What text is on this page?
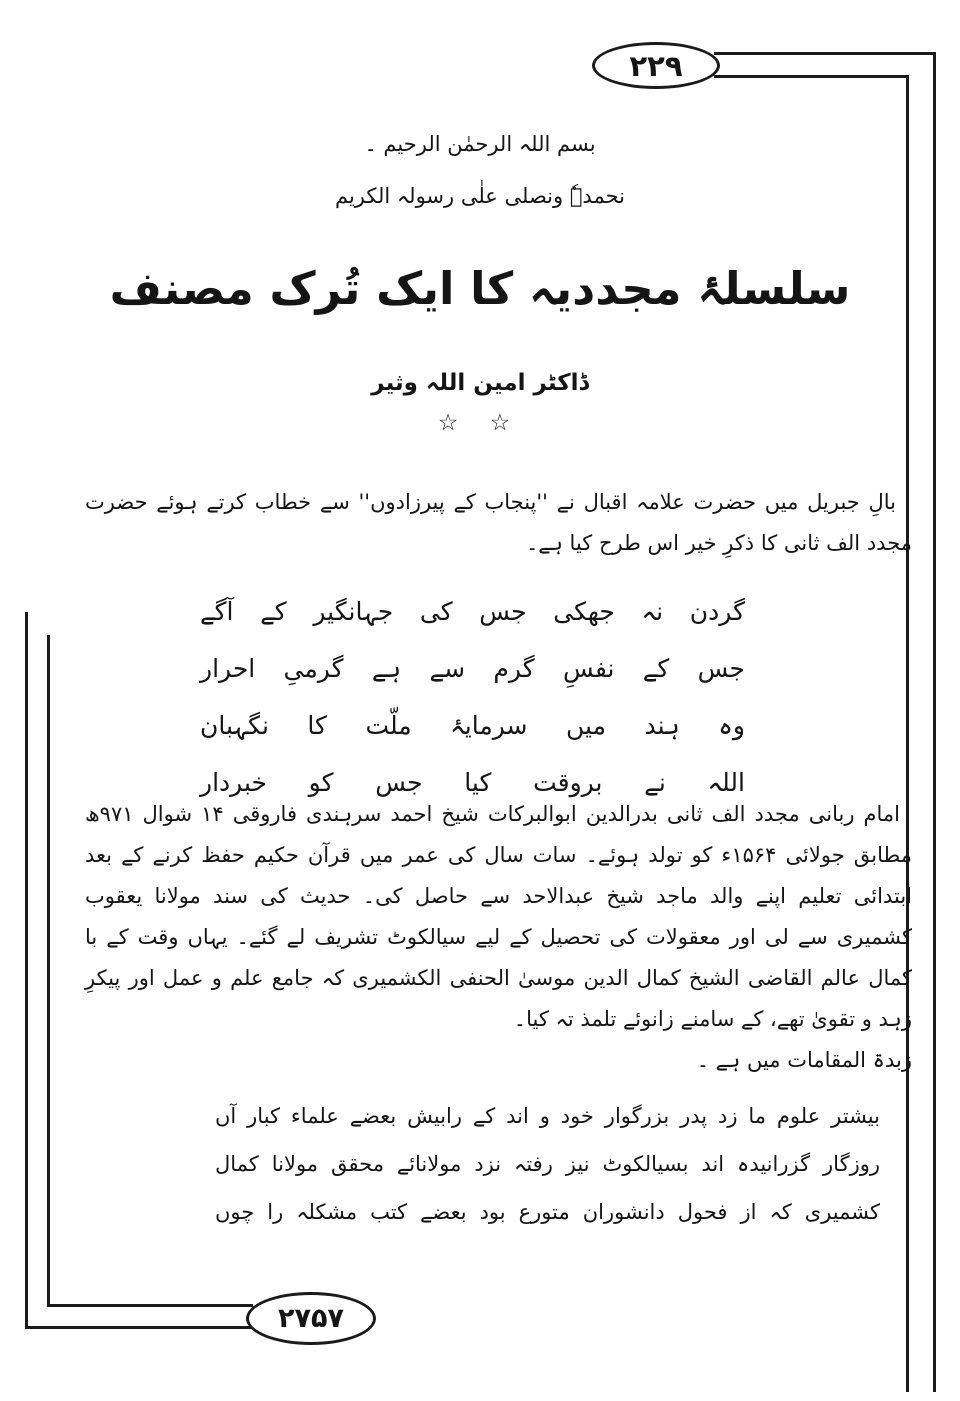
۲۲۹
۲۷۵۷
بسم اللہ الرحمٰن الرحیم ۔
نحمدہٗ ونصلی علٰی رسولہ الکریم
سلسلۂ مجددیہ کا ایک تُرک مصنف
ڈاکٹر امین اللہ وثیر
☆ ☆
بالِ جبریل میں حضرت علامہ اقبال نے ''پنجاب کے پیرزادوں'' سے خطاب کرتے ہوئے حضرت مجدد الف ثانی کا ذکرِ خیر اس طرح کیا ہے۔
گردن نہ جھکی جس کی جہانگیر کے آگے
جس کے نفسِ گرم سے ہے گرمیِ احرار
وہ ہند میں سرمایۂ ملّت کا نگہبان
اللہ نے بروقت کیا جس کو خبردار
امام ربانی مجدد الف ثانی بدرالدین ابوالبرکات شیخ احمد سرہندی فاروقی ۱۴ شوال ۹۷۱ھ مطابق جولائی ۱۵۶۴ء کو تولد ہوئے۔ سات سال کی عمر میں قرآن حکیم حفظ کرنے کے بعد ابتدائی تعلیم اپنے والد ماجد شیخ عبدالاحد سے حاصل کی۔ حدیث کی سند مولانا یعقوب کشمیری سے لی اور معقولات کی تحصیل کے لیے سیالکوٹ تشریف لے گئے۔ یہاں وقت کے با کمال عالم القاضی الشیخ کمال الدین موسیٰ الحنفی الکشمیری کہ جامع علم و عمل اور پیکرِ زہد و تقویٰ تھے، کے سامنے زانوئے تلمذ تہ کیا۔
زبدۃ المقامات میں ہے ۔
بیشتر علوم ما زد پدر بزرگوار خود و اند کے رابیش بعضے علماء کبار آں
روزگار گزرانیدہ اند بسیالکوٹ نیز رفتہ نزد مولانائے محقق مولانا کمال
کشمیری کہ از فحول دانشوران متورع بود بعضے کتب مشکلہ را چوں
